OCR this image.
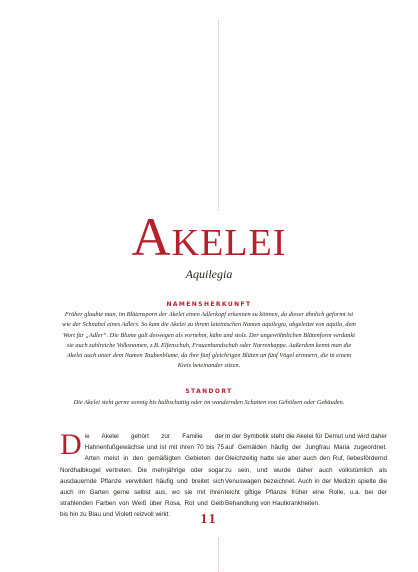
Akelei
Aquilegia
NAMENSHERKUNFT
Früher glaubte man, im Blütensporn der Akelei einen Adlerkopf erkennen zu können, da dieser ähnlich geformt ist wie der Schnabel eines Adlers. So kam die Akelei zu ihrem lateinischen Namen aquilegia, abgeleitet von aquila, dem Wort für „Adler“. Die Blume galt deswegen als vornehm, kühn und stolz. Der ungewöhnlichen Blütenform verdankt sie auch zahlreiche Volksnamen, z.B. Elfenschuh, Frauenhandschuh oder Narrenkappe. Außerdem kennt man die Akelei auch unter dem Namen Taubenblume, da ihre fünf gleichrigen Blüten an fünf Vögel erinnern, die in einem Kreis beieinander sitzen.
STANDORT
Die Akelei steht gerne sonnig bis halbschattig oder im wandernden Schatten von Gehölzen oder Gebäuden.
Die Akelei gehört zur Familie der Hahnenfußgewächse und ist mit ihren 70 bis 75 Arten meist in den gemäßigten Gebieten der Nordhalbkugel vertreten. Die mehrjährige oder sogar ausdauernde Pflanze verwildert häufig und breitet sich auch im Garten gerne selbst aus, wo sie mit ihren strahlenden Farben von Weiß über Rosa, Rot und Gelb bis hin zu Blau und Violett reizvoll wirkt.
In der Symbolik steht die Akelei für Demut und wird daher auf Gemälden häufig der Jungfrau Maria zugeordnet. Gleichzeitig hatte sie aber auch den Ruf, liebesfördernd zu sein, und wurde daher auch volkstümlich als Venuswagen bezeichnet. Auch in der Medizin spielte die leicht giftige Pflanze früher eine Rolle, u.a. bei der Behandlung von Hautkrankheiten.
11
